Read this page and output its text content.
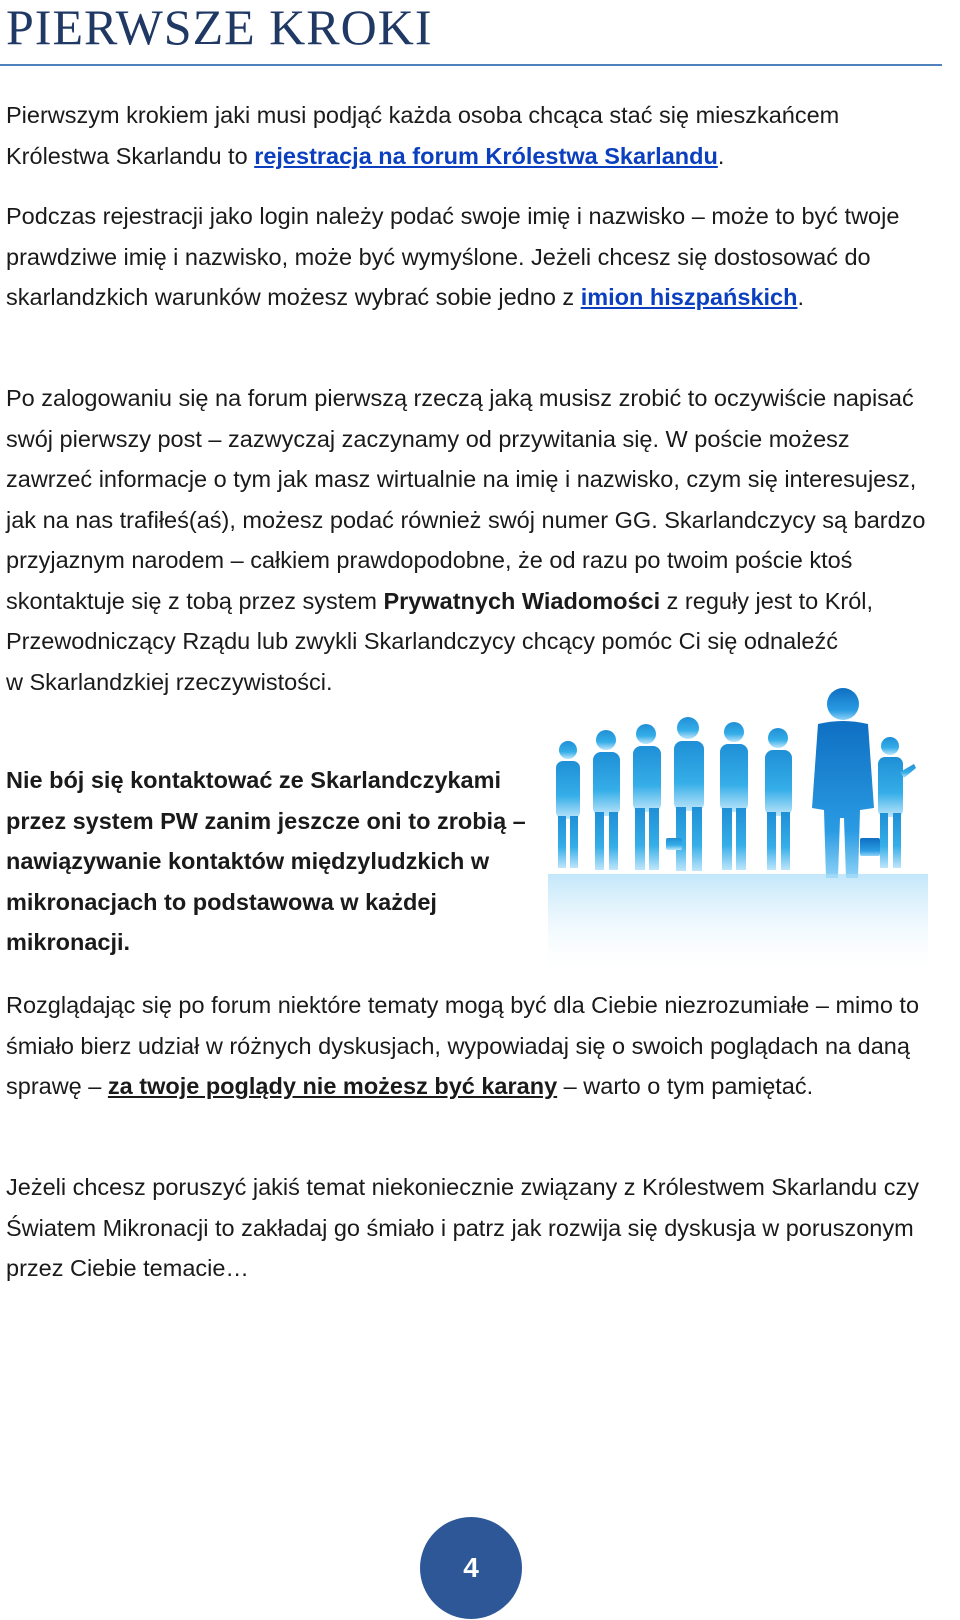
PIERWSZE KROKI

Pierwszym krokiem jaki musi podjąć każda osoba chcąca stać się mieszkańcem Królestwa Skarlandu to rejestracja na forum Królestwa Skarlandu.

Podczas rejestracji jako login należy podać swoje imię i nazwisko – może to być twoje prawdziwe imię i nazwisko, może być wymyślone. Jeżeli chcesz się dostosować do skarlandzkich warunków możesz wybrać sobie jedno z imion hiszpańskich.

Po zalogowaniu się na forum pierwszą rzeczą jaką musisz zrobić to oczywiście napisać swój pierwszy post – zazwyczaj zaczynamy od przywitania się. W poście możesz zawrzeć informacje o tym jak masz wirtualnie na imię i nazwisko, czym się interesujesz, jak na nas trafiłeś(aś), możesz podać również swój numer GG. Skarlandczycy są bardzo przyjaznym narodem – całkiem prawdopodobne, że od razu po twoim poście ktoś skontaktuje się z tobą przez system Prywatnych Wiadomości z reguły jest to Król, Przewodniczący Rządu lub zwykli Skarlandczycy chcący pomóc Ci się odnaleźć
w Skarlandzkiej rzeczywistości.

Nie bój się kontaktować ze Skarlandczykami przez system PW zanim jeszcze oni to zrobią – nawiązywanie kontaktów międzyludzkich w mikronacjach to podstawowa w każdej mikronacji.

Rozglądając się po forum niektóre tematy mogą być dla Ciebie niezrozumiałe – mimo to śmiało bierz udział w różnych dyskusjach, wypowiadaj się o swoich poglądach na daną sprawę – za twoje poglądy nie możesz być karany – warto o tym pamiętać.

Jeżeli chcesz poruszyć jakiś temat niekoniecznie związany z Królestwem Skarlandu czy Światem Mikronacji to zakładaj go śmiało i patrz jak rozwija się dyskusja w poruszonym przez Ciebie temacie…

4
